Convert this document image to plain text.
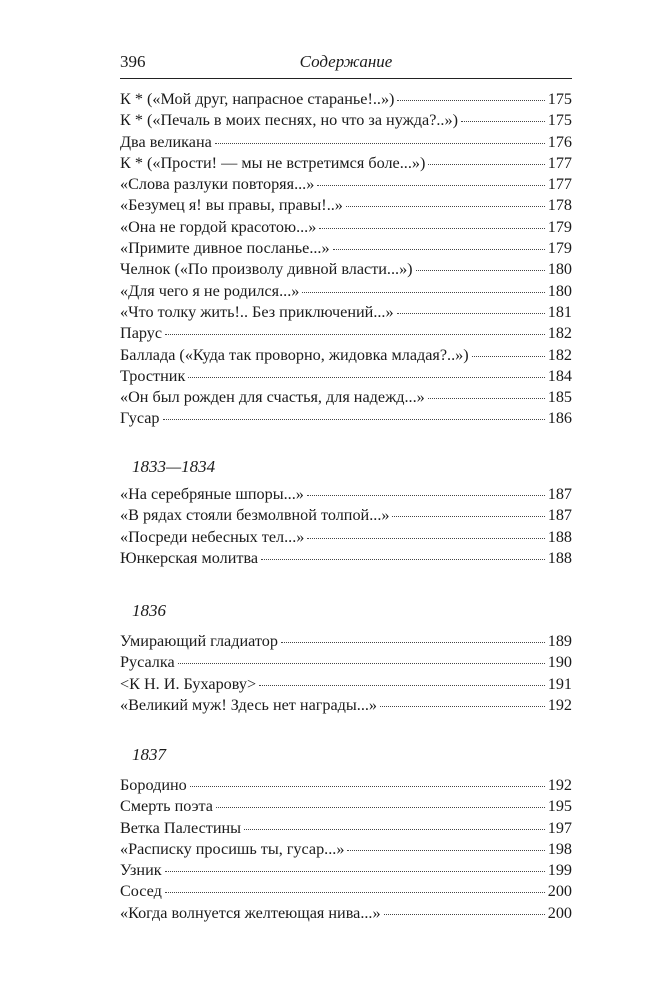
396	Содержание
К * («Мой друг, напрасное старанье!..»)	175
К * («Печаль в моих песнях, но что за нужда?..»)	175
Два великана	176
К * («Прости! — мы не встретимся боле...»)	177
«Слова разлуки повторяя...»	177
«Безумец я! вы правы, правы!..»	178
«Она не гордой красотою...»	179
«Примите дивное посланье...»	179
Челнок («По произволу дивной власти...»)	180
«Для чего я не родился...»	180
«Что толку жить!.. Без приключений...»	181
Парус	182
Баллада («Куда так проворно, жидовка младая?..»)	182
Тростник	184
«Он был рожден для счастья, для надежд...»	185
Гусар	186
1833—1834
«На серебряные шпоры...»	187
«В рядах стояли безмолвной толпой...»	187
«Посреди небесных тел...»	188
Юнкерская молитва	188
1836
Умирающий гладиатор	189
Русалка	190
<К Н. И. Бухарову>	191
«Великий муж! Здесь нет награды...»	192
1837
Бородино	192
Смерть поэта	195
Ветка Палестины	197
«Расписку просишь ты, гусар...»	198
Узник	199
Сосед	200
«Когда волнуется желтеющая нива...»	200
